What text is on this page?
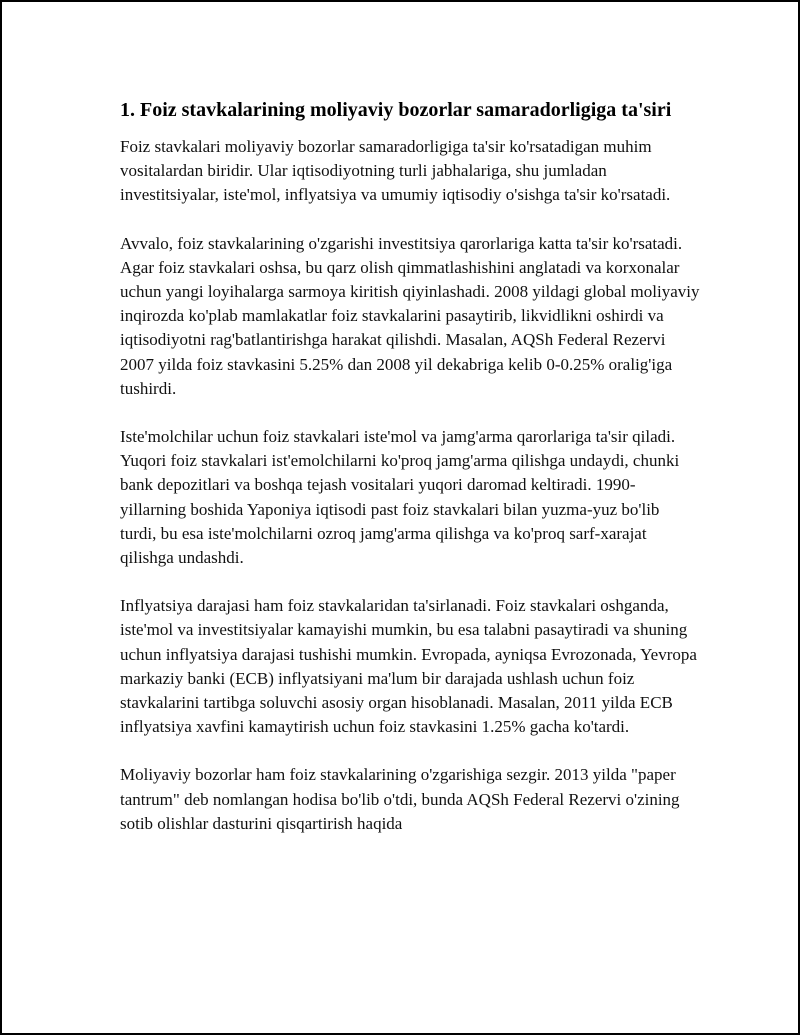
1. Foiz stavkalarining moliyaviy bozorlar samaradorligiga ta'siri

Foiz stavkalari moliyaviy bozorlar samaradorligiga ta'sir ko'rsatadigan muhim vositalardan biridir. Ular iqtisodiyotning turli jabhalariga, shu jumladan investitsiyalar, iste'mol, inflyatsiya va umumiy iqtisodiy o'sishga ta'sir ko'rsatadi.

Avvalo, foiz stavkalarining o'zgarishi investitsiya qarorlariga katta ta'sir ko'rsatadi. Agar foiz stavkalari oshsa, bu qarz olish qimmatlashishini anglatadi va korxonalar uchun yangi loyihalarga sarmoya kiritish qiyinlashadi. 2008 yildagi global moliyaviy inqirozda ko'plab mamlakatlar foiz stavkalarini pasaytirib, likvidlikni oshirdi va iqtisodiyotni rag'batlantirishga harakat qilishdi. Masalan, AQSh Federal Rezervi 2007 yilda foiz stavkasini 5.25% dan 2008 yil dekabriga kelib 0-0.25% oralig'iga tushirdi.

Iste'molchilar uchun foiz stavkalari iste'mol va jamg'arma qarorlariga ta'sir qiladi. Yuqori foiz stavkalari ist'emolchilarni ko'proq jamg'arma qilishga undaydi, chunki bank depozitlari va boshqa tejash vositalari yuqori daromad keltiradi. 1990-yillarning boshida Yaponiya iqtisodi past foiz stavkalari bilan yuzma-yuz bo'lib turdi, bu esa iste'molchilarni ozroq jamg'arma qilishga va ko'proq sarf-xarajat qilishga undashdi.

Inflyatsiya darajasi ham foiz stavkalaridan ta'sirlanadi. Foiz stavkalari oshganda, iste'mol va investitsiyalar kamayishi mumkin, bu esa talabni pasaytiradi va shuning uchun inflyatsiya darajasi tushishi mumkin. Evropada, ayniqsa Evrozonada, Yevropa markaziy banki (ECB) inflyatsiyani ma'lum bir darajada ushlash uchun foiz stavkalarini tartibga soluvchi asosiy organ hisoblanadi. Masalan, 2011 yilda ECB inflyatsiya xavfini kamaytirish uchun foiz stavkasini 1.25% gacha ko'tardi.

Moliyaviy bozorlar ham foiz stavkalarining o'zgarishiga sezgir. 2013 yilda "paper tantrum" deb nomlangan hodisa bo'lib o'tdi, bunda AQSh Federal Rezervi o'zining sotib olishlar dasturini qisqartirish haqida
